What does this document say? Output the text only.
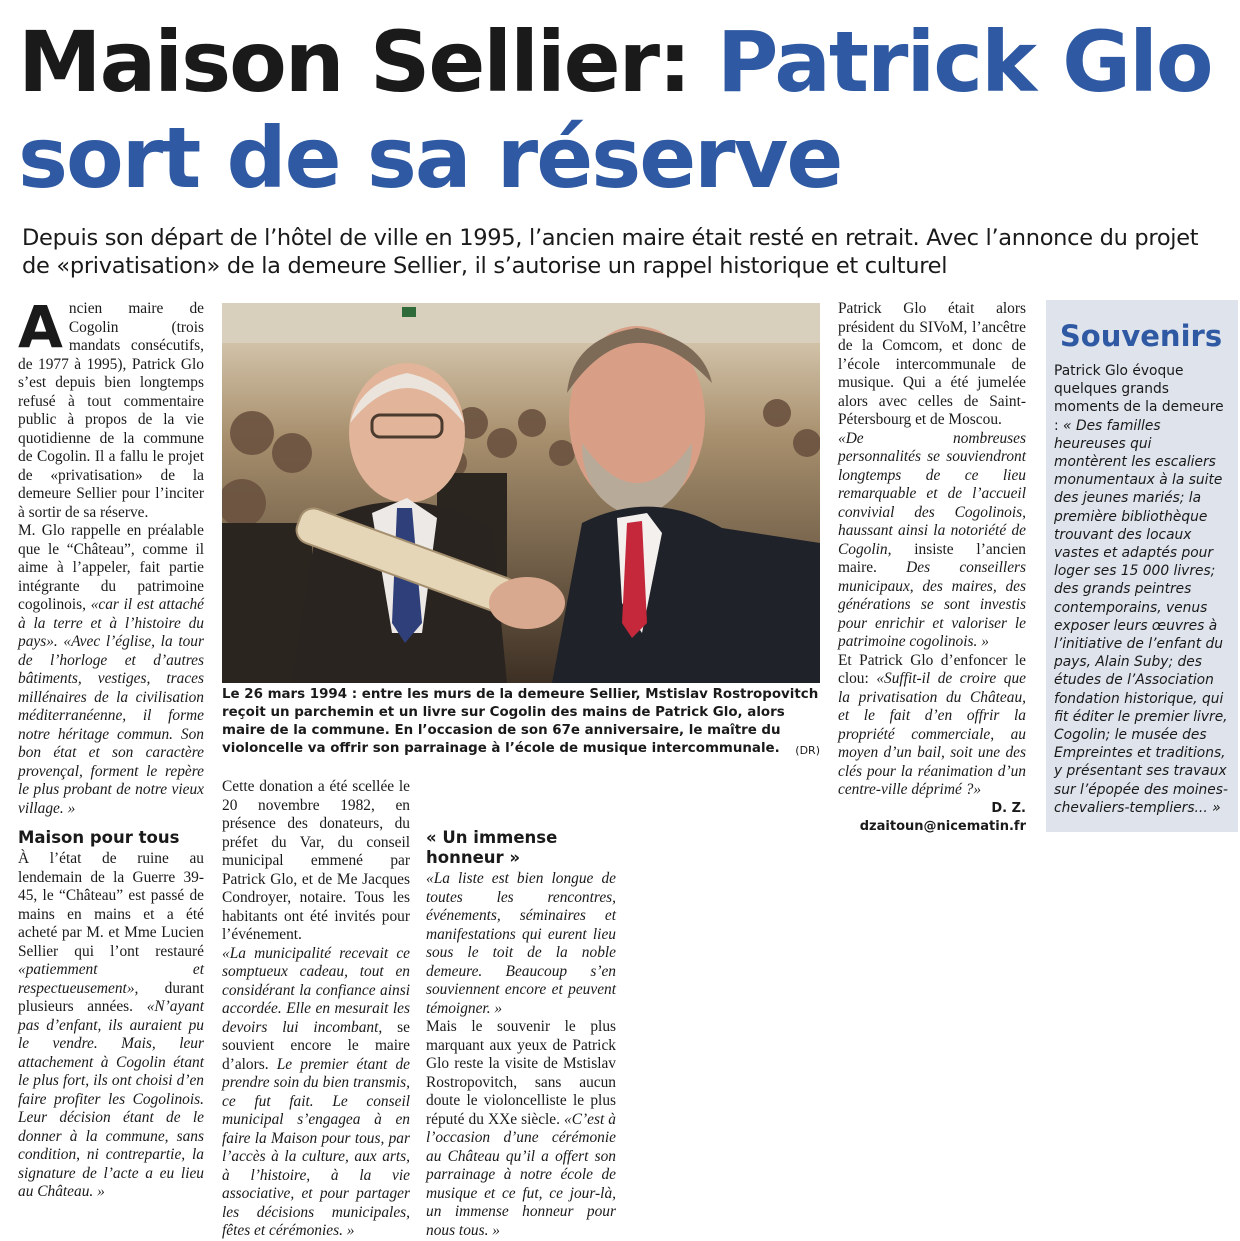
Maison Sellier: Patrick Glo sort de sa réserve

Depuis son départ de l’hôtel de ville en 1995, l’ancien maire était resté en retrait. Avec l’annonce du projet de «privatisation» de la demeure Sellier, il s’autorise un rappel historique et culturel

Ancien maire de Cogolin (trois mandats consécutifs, de 1977 à 1995), Patrick Glo s’est depuis bien longtemps refusé à tout commentaire public à propos de la vie quotidienne de la commune de Cogolin. Il a fallu le projet de «privatisation» de la demeure Sellier pour l’inciter à sortir de sa réserve.

M. Glo rappelle en préalable que le “Château”, comme il aime à l’appeler, fait partie intégrante du patrimoine cogolinois, «car il est attaché à la terre et à l’histoire du pays». «Avec l’église, la tour de l’horloge et d’autres bâtiments, vestiges, traces millénaires de la civilisation méditerranéenne, il forme notre héritage commun. Son bon état et son caractère provençal, forment le repère le plus probant de notre vieux village. »

Maison pour tous

À l’état de ruine au lendemain de la Guerre 39-45, le “Château” est passé de mains en mains et a été acheté par M. et Mme Lucien Sellier qui l’ont restauré «patiemment et respectueusement», durant plusieurs années. «N’ayant pas d’enfant, ils auraient pu le vendre. Mais, leur attachement à Cogolin étant le plus fort, ils ont choisi d’en faire profiter les Cogolinois. Leur décision étant de le donner à la commune, sans condition, ni contrepartie, la signature de l’acte a eu lieu au Château. »

Le 26 mars 1994 : entre les murs de la demeure Sellier, Mstislav Rostropovitch reçoit un parchemin et un livre sur Cogolin des mains de Patrick Glo, alors maire de la commune. En l’occasion de son 67e anniversaire, le maître du violoncelle va offrir son parrainage à l’école de musique intercommunale. (DR)

Cette donation a été scellée le 20 novembre 1982, en présence des donateurs, du préfet du Var, du conseil municipal emmené par Patrick Glo, et de Me Jacques Condroyer, notaire. Tous les habitants ont été invités pour l’événement.

«La municipalité recevait ce somptueux cadeau, tout en considérant la confiance ainsi accordée. Elle en mesurait les devoirs lui incombant, se souvient encore le maire d’alors. Le premier étant de prendre soin du bien transmis, ce fut fait. Le conseil municipal s’engagea à en faire la Maison pour tous, par l’accès à la culture, aux arts, à l’histoire, à la vie associative, et pour partager les décisions municipales, fêtes et cérémonies. »

« Un immense honneur »

«La liste est bien longue de toutes les rencontres, événements, séminaires et manifestations qui eurent lieu sous le toit de la noble demeure. Beaucoup s’en souviennent encore et peuvent témoigner. »

Mais le souvenir le plus marquant aux yeux de Patrick Glo reste la visite de Mstislav Rostropovitch, sans aucun doute le violoncelliste le plus réputé du XXe siècle. «C’est à l’occasion d’une cérémonie au Château qu’il a offert son parrainage à notre école de musique et ce fut, ce jour-là, un immense honneur pour nous tous. »

Patrick Glo était alors président du SIVoM, l’ancêtre de la Comcom, et donc de l’école intercommunale de musique. Qui a été jumelée alors avec celles de Saint-Pétersbourg et de Moscou.

«De nombreuses personnalités se souviendront longtemps de ce lieu remarquable et de l’accueil convivial des Cogolinois, haussant ainsi la notoriété de Cogolin, insiste l’ancien maire. Des conseillers municipaux, des maires, des générations se sont investis pour enrichir et valoriser le patrimoine cogolinois. »

Et Patrick Glo d’enfoncer le clou: «Suffit-il de croire que la privatisation du Château, et le fait d’en offrir la propriété commerciale, au moyen d’un bail, soit une des clés pour la réanimation d’un centre-ville déprimé ?»

D. Z.
dzaitoun@nicematin.fr
Souvenirs

Patrick Glo évoque quelques grands moments de la demeure : « Des familles heureuses qui montèrent les escaliers monumentaux à la suite des jeunes mariés; la première bibliothèque trouvant des locaux vastes et adaptés pour loger ses 15 000 livres; des grands peintres contemporains, venus exposer leurs œuvres à l’initiative de l’enfant du pays, Alain Suby; des études de l’Association fondation historique, qui fit éditer le premier livre, Cogolin; le musée des Empreintes et traditions, y présentant ses travaux sur l’épopée des moines-chevaliers-templiers... »
